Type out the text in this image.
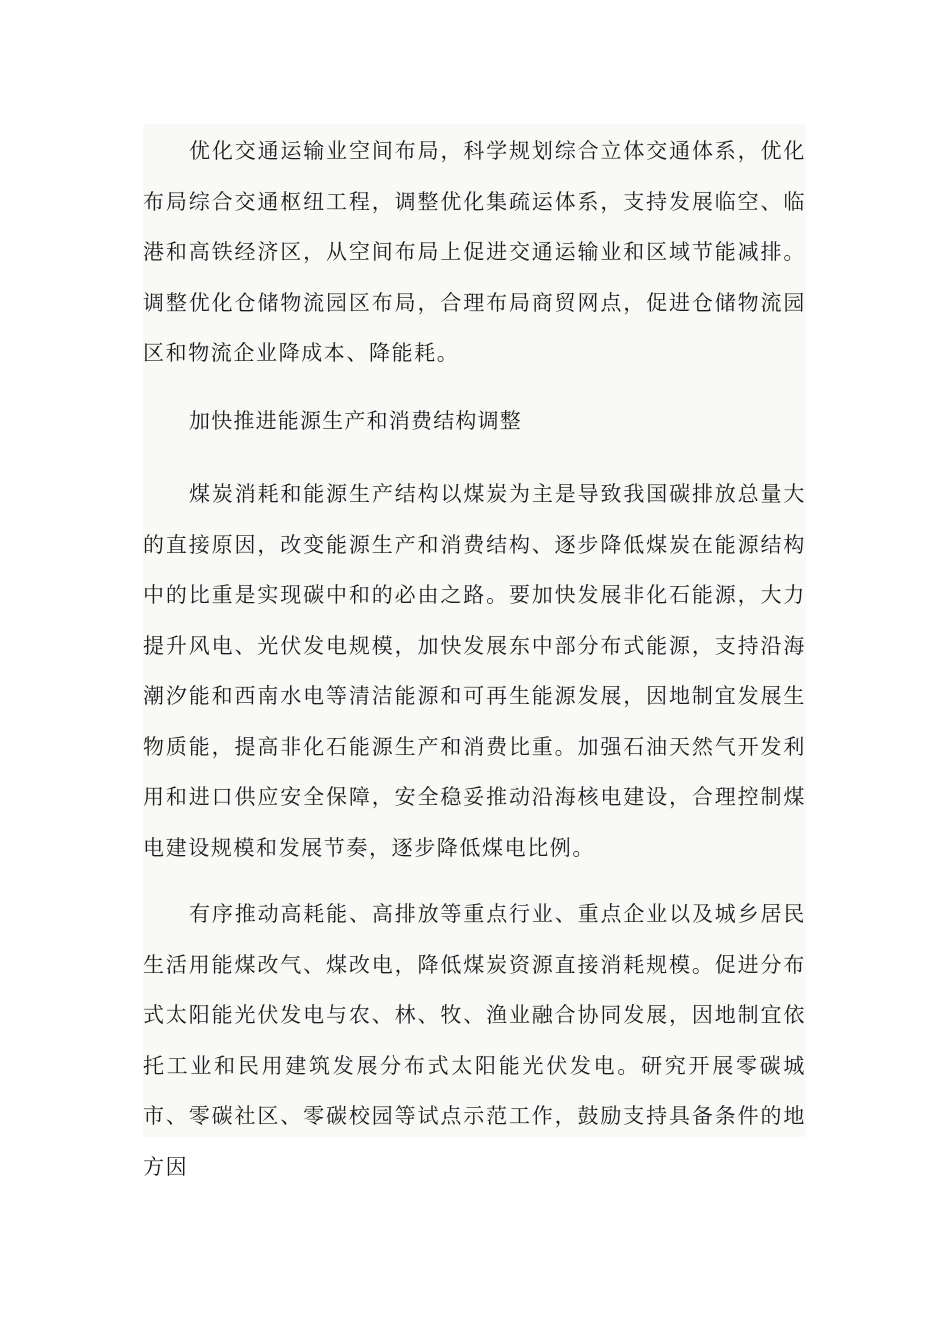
优化交通运输业空间布局，科学规划综合立体交通体系，优化布局综合交通枢纽工程，调整优化集疏运体系，支持发展临空、临港和高铁经济区，从空间布局上促进交通运输业和区域节能减排。调整优化仓储物流园区布局，合理布局商贸网点，促进仓储物流园区和物流企业降成本、降能耗。

加快推进能源生产和消费结构调整

煤炭消耗和能源生产结构以煤炭为主是导致我国碳排放总量大的直接原因，改变能源生产和消费结构、逐步降低煤炭在能源结构中的比重是实现碳中和的必由之路。要加快发展非化石能源，大力提升风电、光伏发电规模，加快发展东中部分布式能源，支持沿海潮汐能和西南水电等清洁能源和可再生能源发展，因地制宜发展生物质能，提高非化石能源生产和消费比重。加强石油天然气开发利用和进口供应安全保障，安全稳妥推动沿海核电建设，合理控制煤电建设规模和发展节奏，逐步降低煤电比例。

有序推动高耗能、高排放等重点行业、重点企业以及城乡居民生活用能煤改气、煤改电，降低煤炭资源直接消耗规模。促进分布式太阳能光伏发电与农、林、牧、渔业融合协同发展，因地制宜依托工业和民用建筑发展分布式太阳能光伏发电。研究开展零碳城市、零碳社区、零碳校园等试点示范工作，鼓励支持具备条件的地方因
